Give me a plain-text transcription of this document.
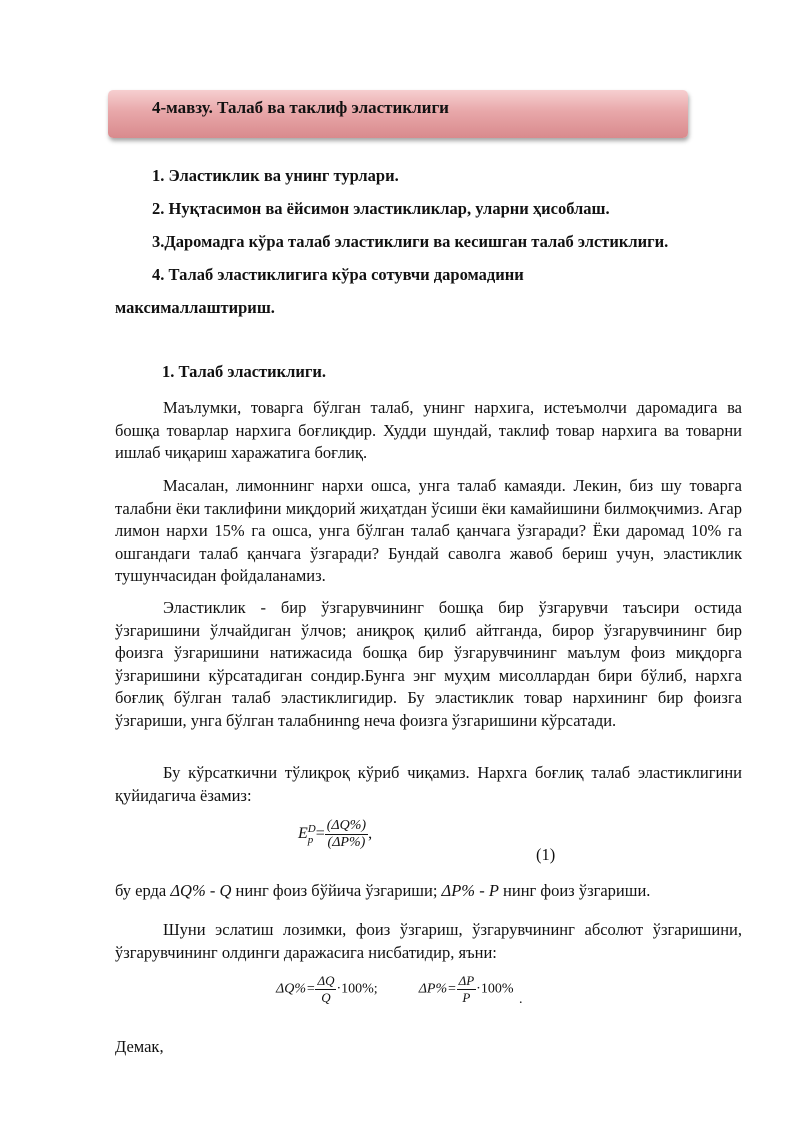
4-мавзу. Талаб ва таклиф эластиклиги
1. Эластиклик ва унинг турлари.
2. Нуқтасимон ва ёйсимон эластикликлар, уларни ҳисоблаш.
3.Даромадга кўра талаб эластиклиги ва кесишган талаб элстиклиги.
4. Талаб эластиклигига кўра сотувчи даромадини
максималлаштириш.
1. Талаб эластиклиги.

Маълумки, товарга бўлган талаб, унинг нархига, истеъмолчи даромадига ва бошқа товарлар нархига боғлиқдир. Худди шундай, таклиф товар нархига ва товарни ишлаб чиқариш харажатига боғлиқ.

Масалан, лимоннинг нархи ошса, унга талаб камаяди. Лекин, биз шу товарга талабни ёки таклифини миқдорий жиҳатдан ўсиши ёки камайишини билмоқчимиз. Агар лимон нархи 15% га ошса, унга бўлган талаб қанчага ўзгаради? Ёки даромад 10% га ошгандаги талаб қанчага ўзгаради? Бундай саволга жавоб бериш учун, эластиклик тушунчасидан фойдаланамиз.

Эластиклик - бир ўзгарувчининг бошқа бир ўзгарувчи таъсири остида ўзгаришини ўлчайдиган ўлчов; аниқроқ қилиб айтганда, бирор ўзгарувчининг бир фоизга ўзгаришини натижасида бошқа бир ўзгарувчининг маълум фоиз миқдорга ўзгаришини кўрсатадиган сондир.Бунга энг муҳим мисоллардан бири бўлиб, нархга боғлиқ бўлган талаб эластиклигидир. Бу эластиклик товар нархининг бир фоизга ўзгариши, унга бўлган талабнинng неча фоизга ўзгаришини кўрсатади.

Бу кўрсаткични тўлиқроқ кўриб чиқамиз. Нархга боғлиқ талаб эластиклигини қуйидагича ёзамиз:

E D
$p = \frac{(\Delta Q\%)}{(\Delta P\%)}$ ,
(1)
бу ерда ΔQ% - Q нинг фоиз бўйича ўзгариши; ΔP% - P нинг фоиз ўзгариши.

Шуни эслатиш лозимки, фоиз ўзгариш, ўзгарувчининг абсолют ўзгаришини, ўзгарувчининг олдинги даражасига нисбатидир, яъни:

$\Delta Q\%= \frac{\Delta Q}{Q} \cdot 100\%$;	$\Delta P\%= \frac{\Delta P}{P} \cdot 100\%$ .
Демак,
